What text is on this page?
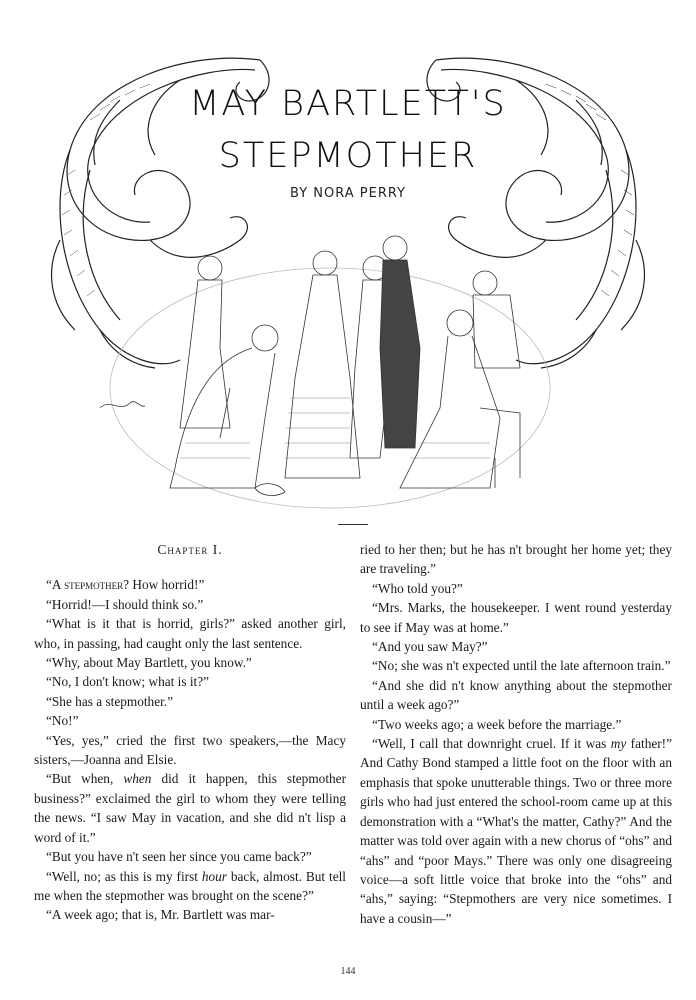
MAY BARTLETT'S
STEPMOTHER
BY NORA PERRY

Chapter I.

“A stepmother? How horrid!”

“Horrid!—I should think so.”

“What is it that is horrid, girls?” asked another girl, who, in passing, had caught only the last sentence.

“Why, about May Bartlett, you know.”

“No, I don't know; what is it?”

“She has a stepmother.”

“No!”

“Yes, yes,” cried the first two speakers,—the Macy sisters,—Joanna and Elsie.

“But when, when did it happen, this stepmother business?” exclaimed the girl to whom they were telling the news. “I saw May in vacation, and she did n't lisp a word of it.”

“But you have n't seen her since you came back?”

“Well, no; as this is my first hour back, almost. But tell me when the stepmother was brought on the scene?”

“A week ago; that is, Mr. Bartlett was mar-

ried to her then; but he has n't brought her home yet; they are traveling.”

“Who told you?”

“Mrs. Marks, the housekeeper. I went round yesterday to see if May was at home.”

“And you saw May?”

“No; she was n't expected until the late afternoon train.”

“And she did n't know anything about the stepmother until a week ago?”

“Two weeks ago; a week before the marriage.”

“Well, I call that downright cruel. If it was my father!” And Cathy Bond stamped a little foot on the floor with an emphasis that spoke unutterable things. Two or three more girls who had just entered the school-room came up at this demonstration with a “What's the matter, Cathy?” And the matter was told over again with a new chorus of “ohs” and “ahs” and “poor Mays.” There was only one disagreeing voice—a soft little voice that broke into the “ohs” and “ahs,” saying: “Stepmothers are very nice sometimes. I have a cousin—”

144
